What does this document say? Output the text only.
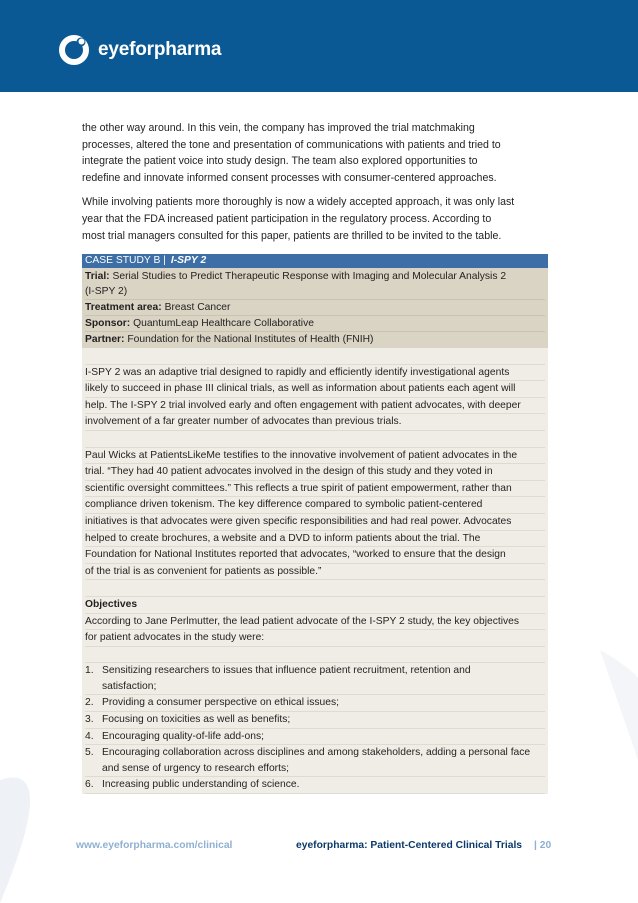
eyeforpharma

the other way around. In this vein, the company has improved the trial matchmaking
processes, altered the tone and presentation of communications with patients and tried to
integrate the patient voice into study design. The team also explored opportunities to
redefine and innovate informed consent processes with consumer-centered approaches.

While involving patients more thoroughly is now a widely accepted approach, it was only last
year that the FDA increased patient participation in the regulatory process. According to
most trial managers consulted for this paper, patients are thrilled to be invited to the table.

CASE STUDY B | I-SPY 2
Trial: Serial Studies to Predict Therapeutic Response with Imaging and Molecular Analysis 2
(I-SPY 2)
Treatment area: Breast Cancer
Sponsor: QuantumLeap Healthcare Collaborative
Partner: Foundation for the National Institutes of Health (FNIH)
I-SPY 2 was an adaptive trial designed to rapidly and efficiently identify investigational agents
likely to succeed in phase III clinical trials, as well as information about patients each agent will
help. The I-SPY 2 trial involved early and often engagement with patient advocates, with deeper
involvement of a far greater number of advocates than previous trials.
Paul Wicks at PatientsLikeMe testifies to the innovative involvement of patient advocates in the
trial. “They had 40 patient advocates involved in the design of this study and they voted in
scientific oversight committees.” This reflects a true spirit of patient empowerment, rather than
compliance driven tokenism. The key difference compared to symbolic patient-centered
initiatives is that advocates were given specific responsibilities and had real power. Advocates
helped to create brochures, a website and a DVD to inform patients about the trial. The
Foundation for National Institutes reported that advocates, “worked to ensure that the design
of the trial is as convenient for patients as possible.”
Objectives
According to Jane Perlmutter, the lead patient advocate of the I-SPY 2 study, the key objectives
for patient advocates in the study were:
1. Sensitizing researchers to issues that influence patient recruitment, retention and
satisfaction;
2. Providing a consumer perspective on ethical issues;
3. Focusing on toxicities as well as benefits;
4. Encouraging quality-of-life add-ons;
5. Encouraging collaboration across disciplines and among stakeholders, adding a personal face
and sense of urgency to research efforts;
6. Increasing public understanding of science.
www.eyeforpharma.com/clinical	eyeforpharma: Patient-Centered Clinical Trials	| 20
